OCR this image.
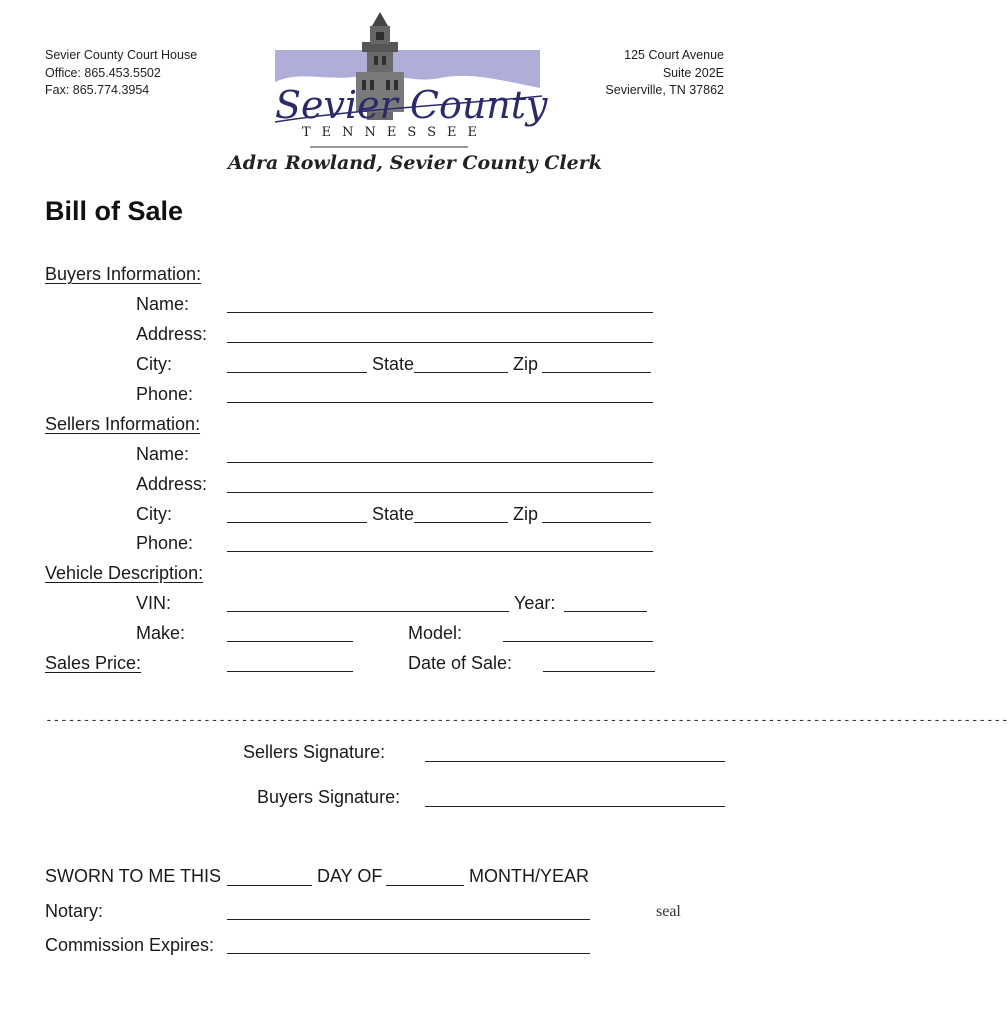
Sevier County Court House
Office: 865.453.5502
Fax: 865.774.3954
125 Court Avenue
Suite 202E
Sevierville, TN 37862
Sevier County
TENNESSEE
Adra Rowland, Sevier County Clerk
Bill of Sale
Buyers Information:
Name:
Address:
City:	State	Zip
Phone:
Sellers Information:
Name:
Address:
City:	State	Zip
Phone:
Vehicle Description:
VIN:	Year:
Make:	Model:
Sales Price:	Date of Sale:
--------------------------------------------------------------------------------------------------------------------------------
Sellers Signature:
Buyers Signature:
SWORN TO ME THIS	DAY OF	MONTH/YEAR
Notary:	seal
Commission Expires:
